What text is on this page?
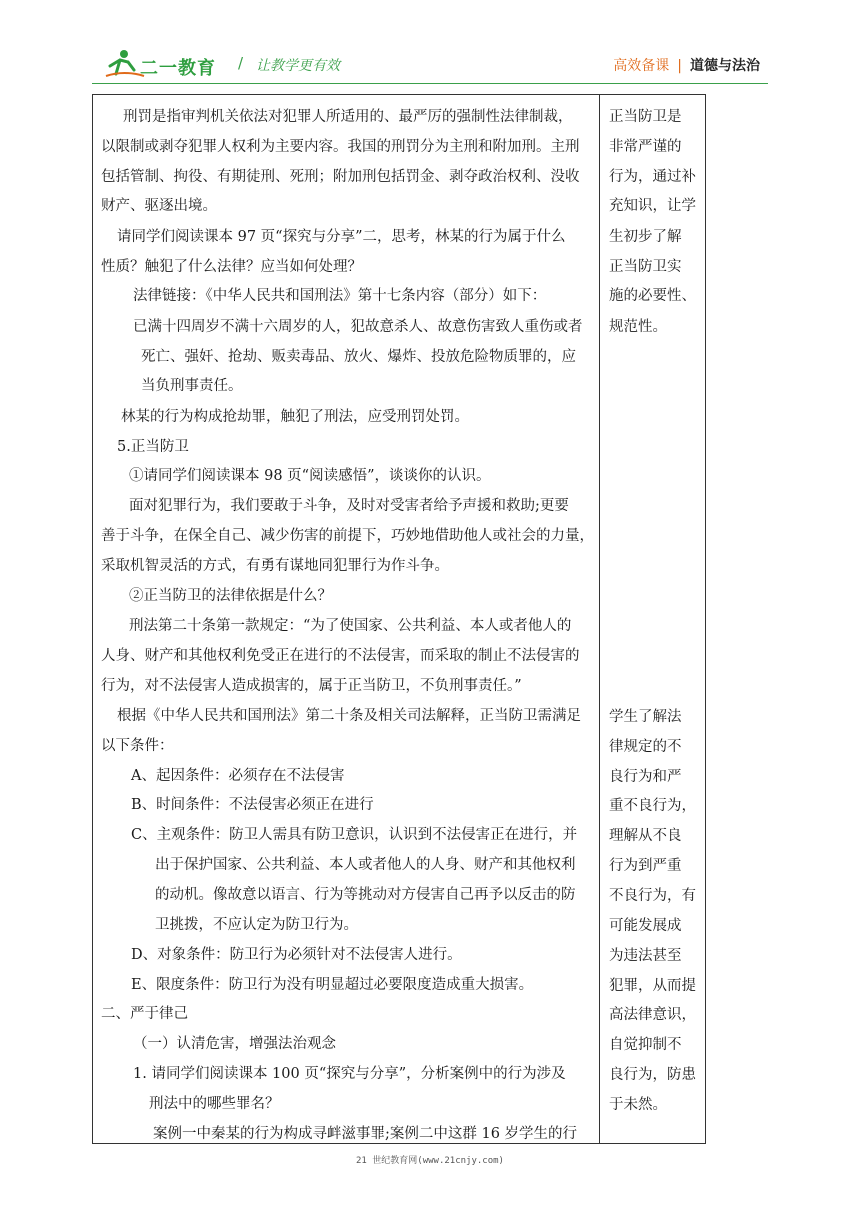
二一教育 / 让教学更有效	高效备课 | 道德与法治
刑罚是指审判机关依法对犯罪人所适用的、最严厉的强制性法律制裁，
以限制或剥夺犯罪人权利为主要内容。我国的刑罚分为主刑和附加刑。主刑
包括管制、拘役、有期徒刑、死刑；附加刑包括罚金、剥夺政治权利、没收
财产、驱逐出境。
请同学们阅读课本 97 页“探究与分享”二，思考，林某的行为属于什么
性质？触犯了什么法律？应当如何处理？
法律链接：《中华人民共和国刑法》第十七条内容（部分）如下：
已满十四周岁不满十六周岁的人，犯故意杀人、故意伤害致人重伤或者
死亡、强奸、抢劫、贩卖毒品、放火、爆炸、投放危险物质罪的，应
当负刑事责任。
林某的行为构成抢劫罪，触犯了刑法，应受刑罚处罚。
5.正当防卫
①请同学们阅读课本 98 页“阅读感悟”，谈谈你的认识。
面对犯罪行为，我们要敢于斗争，及时对受害者给予声援和救助;更要
善于斗争，在保全自己、减少伤害的前提下，巧妙地借助他人或社会的力量，
采取机智灵活的方式，有勇有谋地同犯罪行为作斗争。
②正当防卫的法律依据是什么？
刑法第二十条第一款规定：“为了使国家、公共利益、本人或者他人的
人身、财产和其他权利免受正在进行的不法侵害，而采取的制止不法侵害的
行为，对不法侵害人造成损害的，属于正当防卫，不负刑事责任。”
根据《中华人民共和国刑法》第二十条及相关司法解释，正当防卫需满足
以下条件：
A、起因条件：必须存在不法侵害
B、时间条件：不法侵害必须正在进行
C、主观条件：防卫人需具有防卫意识，认识到不法侵害正在进行，并
出于保护国家、公共利益、本人或者他人的人身、财产和其他权利
的动机。像故意以语言、行为等挑动对方侵害自己再予以反击的防
卫挑拨，不应认定为防卫行为。
D、对象条件：防卫行为必须针对不法侵害人进行。
E、限度条件：防卫行为没有明显超过必要限度造成重大损害。
二、严于律己
（一）认清危害，增强法治观念
1. 请同学们阅读课本 100 页“探究与分享”，分析案例中的行为涉及
刑法中的哪些罪名？
案例一中秦某的行为构成寻衅滋事罪;案例二中这群 16 岁学生的行
正当防卫是
非常严谨的
行为，通过补
充知识，让学
生初步了解
正当防卫实
施的必要性、
规范性。
学生了解法
律规定的不
良行为和严
重不良行为，
理解从不良
行为到严重
不良行为，有
可能发展成
为违法甚至
犯罪，从而提
高法律意识，
自觉抑制不
良行为，防患
于未然。
21 世纪教育网(www.21cnjy.com)
